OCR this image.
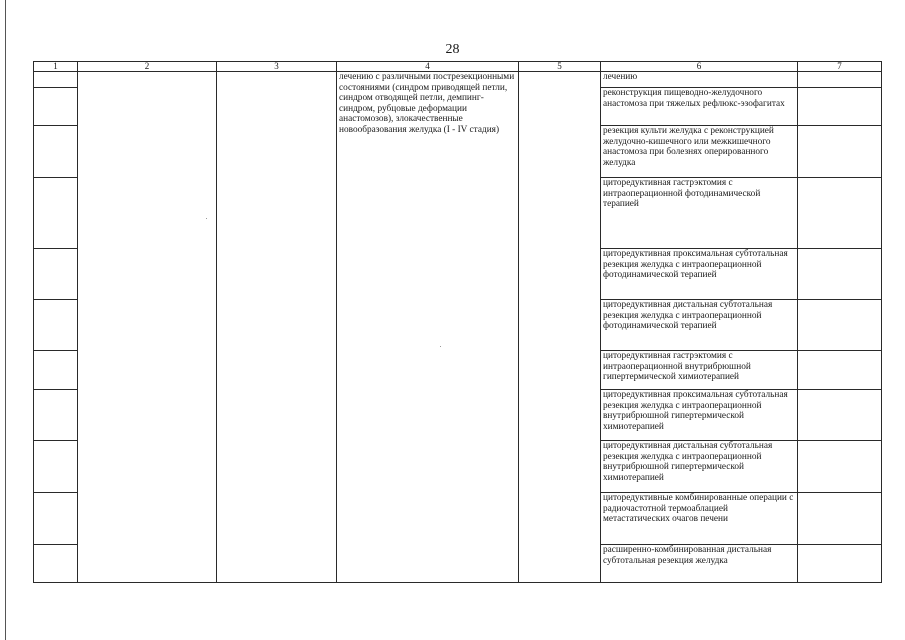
28
1	2	3	4	5	6	7
			лечению с различными пострезекционными состояниями (синдром приводящей петли, синдром отводящей петли, демпинг-синдром, рубцовые деформации анастомозов), злокачественные новообразования желудка (I - IV стадия)		лечению	
					реконструкция пищеводно-желудочного анастомоза при тяжелых рефлюкс-эзофагитах	
					резекция культи желудка с реконструкцией желудочно-кишечного или межкишечного анастомоза при болезнях оперированного желудка	
					циторедуктивная гастрэктомия с интраоперационной фотодинамической терапией	
					циторедуктивная проксимальная субтотальная резекция желудка с интраоперационной фотодинамической терапией	
					циторедуктивная дистальная субтотальная резекция желудка с интраоперационной фотодинамической терапией	
					циторедуктивная гастрэктомия с интраоперационной внутрибрюшной гипертермической химиотерапией	
					циторедуктивная проксимальная субтотальная резекция желудка с интраоперационной внутрибрюшной гипертермической химиотерапией	
					циторедуктивная дистальная субтотальная резекция желудка с интраоперационной внутрибрюшной гипертермической химиотерапией	
					циторедуктивные комбинированные операции с радиочастотной термоаблацией метастатических очагов печени	
					расширенно-комбинированная дистальная субтотальная резекция желудка	
